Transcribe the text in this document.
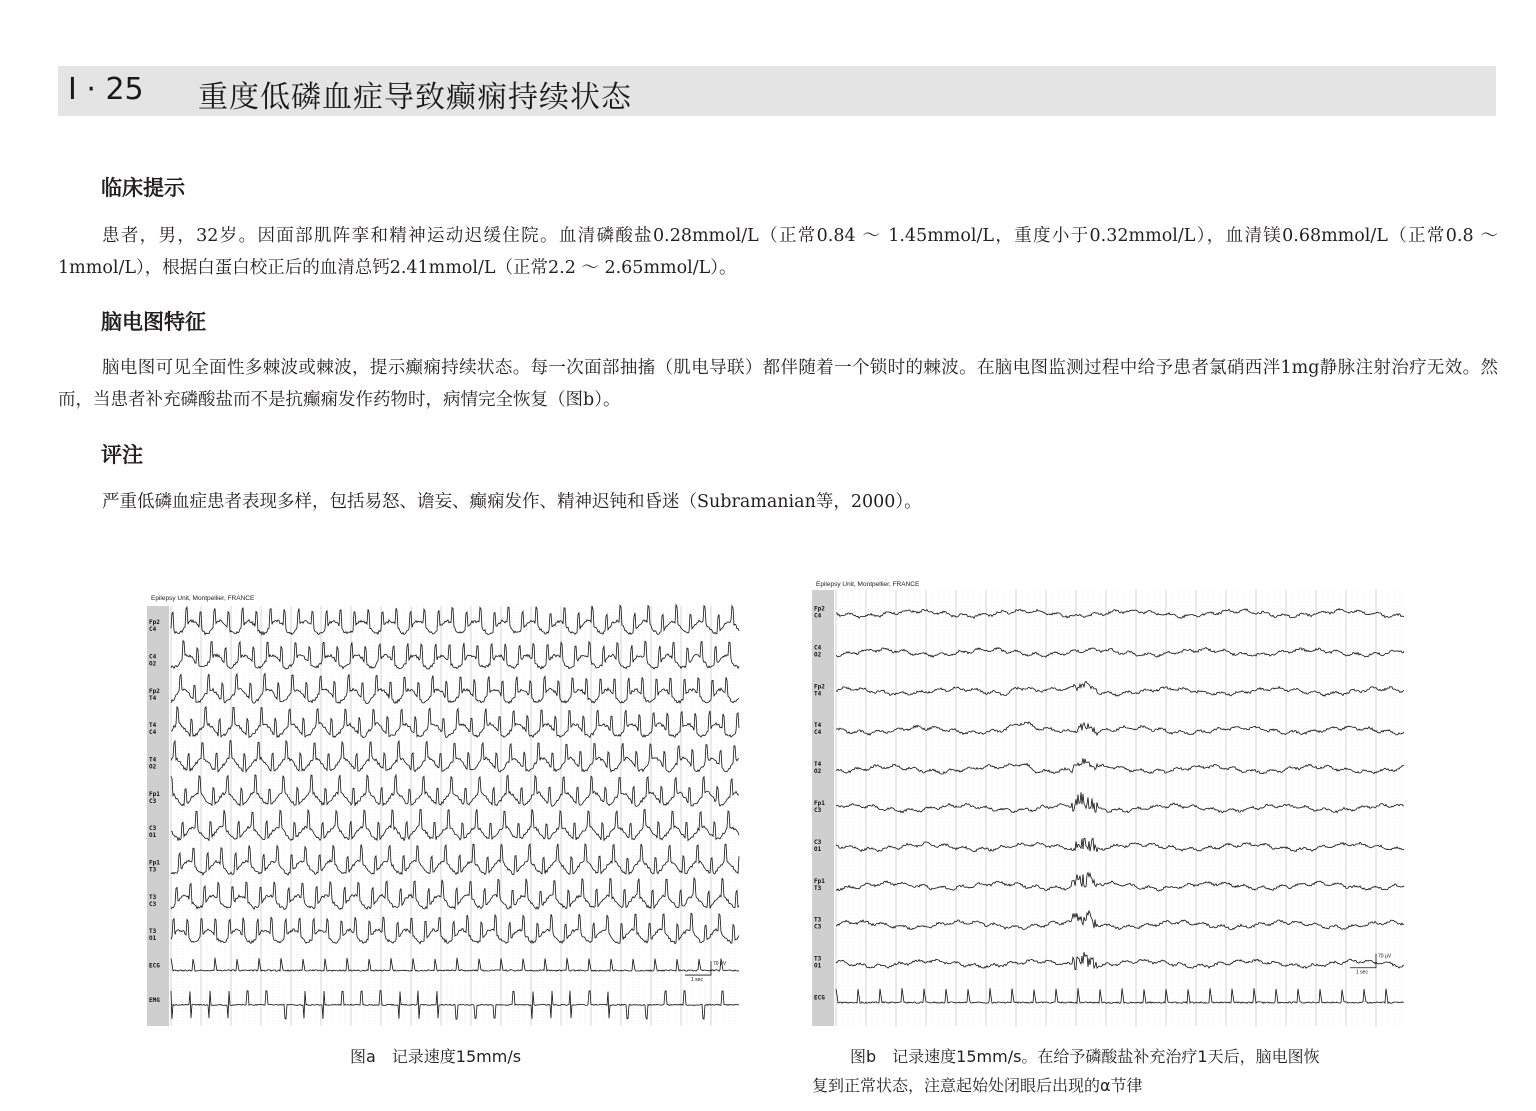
I · 25 重度低磷血症导致癫痫持续状态
临床提示
患者，男，32岁。因面部肌阵挛和精神运动迟缓住院。血清磷酸盐0.28mmol/L（正常0.84 ～ 1.45mmol/L，重度小于0.32mmol/L），血清镁0.68mmol/L（正常0.8 ～ 1mmol/L），根据白蛋白校正后的血清总钙2.41mmol/L（正常2.2 ～ 2.65mmol/L）。
脑电图特征
脑电图可见全面性多棘波或棘波，提示癫痫持续状态。每一次面部抽搐（肌电导联）都伴随着一个锁时的棘波。在脑电图监测过程中给予患者氯硝西泮1mg静脉注射治疗无效。然而，当患者补充磷酸盐而不是抗癫痫发作药物时，病情完全恢复（图b）。
评注
严重低磷血症患者表现多样，包括易怒、谵妄、癫痫发作、精神迟钝和昏迷（Subramanian等，2000）。
Epilepsy Unit, Montpellier, FRANCE
Fp2
C4
C4
O2
Fp2
T4
T4
C4
T4
O2
Fp1
C3
C3
O1
Fp1
T3
T3
C3
T3
O1
ECG
EMG
70 μV
1 sec
图a　记录速度15mm/s
Epilepsy Unit, Montpellier, FRANCE
Fp2
C4
C4
O2
Fp2
T4
T4
C4
T4
O2
Fp1
C3
C3
O1
Fp1
T3
T3
C3
T3
O1
ECG
70 μV
1 sec
图b　记录速度15mm/s。在给予磷酸盐补充治疗1天后，脑电图恢
复到正常状态，注意起始处闭眼后出现的α节律
